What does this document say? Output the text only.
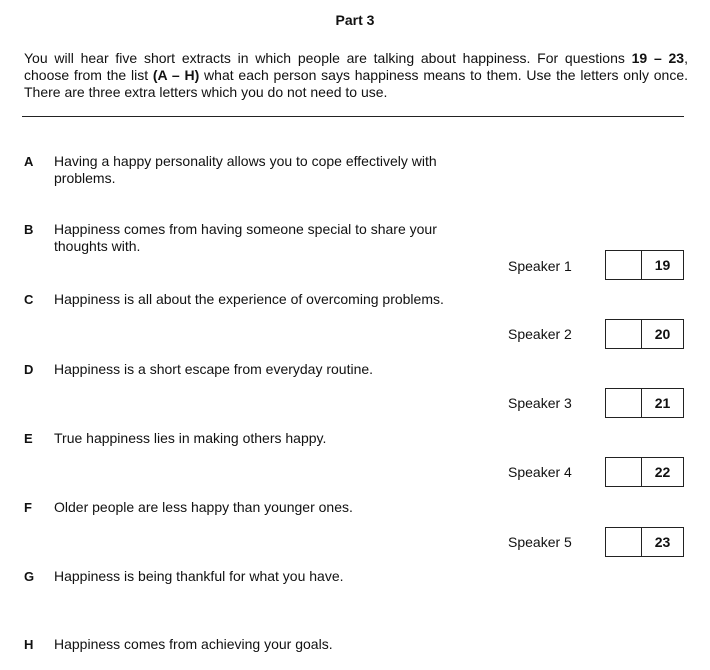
Part 3
You will hear five short extracts in which people are talking about happiness. For questions 19 – 23, choose from the list (A – H) what each person says happiness means to them. Use the letters only once. There are three extra letters which you do not need to use.
A	Having a happy personality allows you to cope effectively with problems.
B	Happiness comes from having someone special to share your thoughts with.
C	Happiness is all about the experience of overcoming problems.
D	Happiness is a short escape from everyday routine.
E	True happiness lies in making others happy.
F	Older people are less happy than younger ones.
G	Happiness is being thankful for what you have.
H	Happiness comes from achieving your goals.
Speaker 1	19
Speaker 2	20
Speaker 3	21
Speaker 4	22
Speaker 5	23
